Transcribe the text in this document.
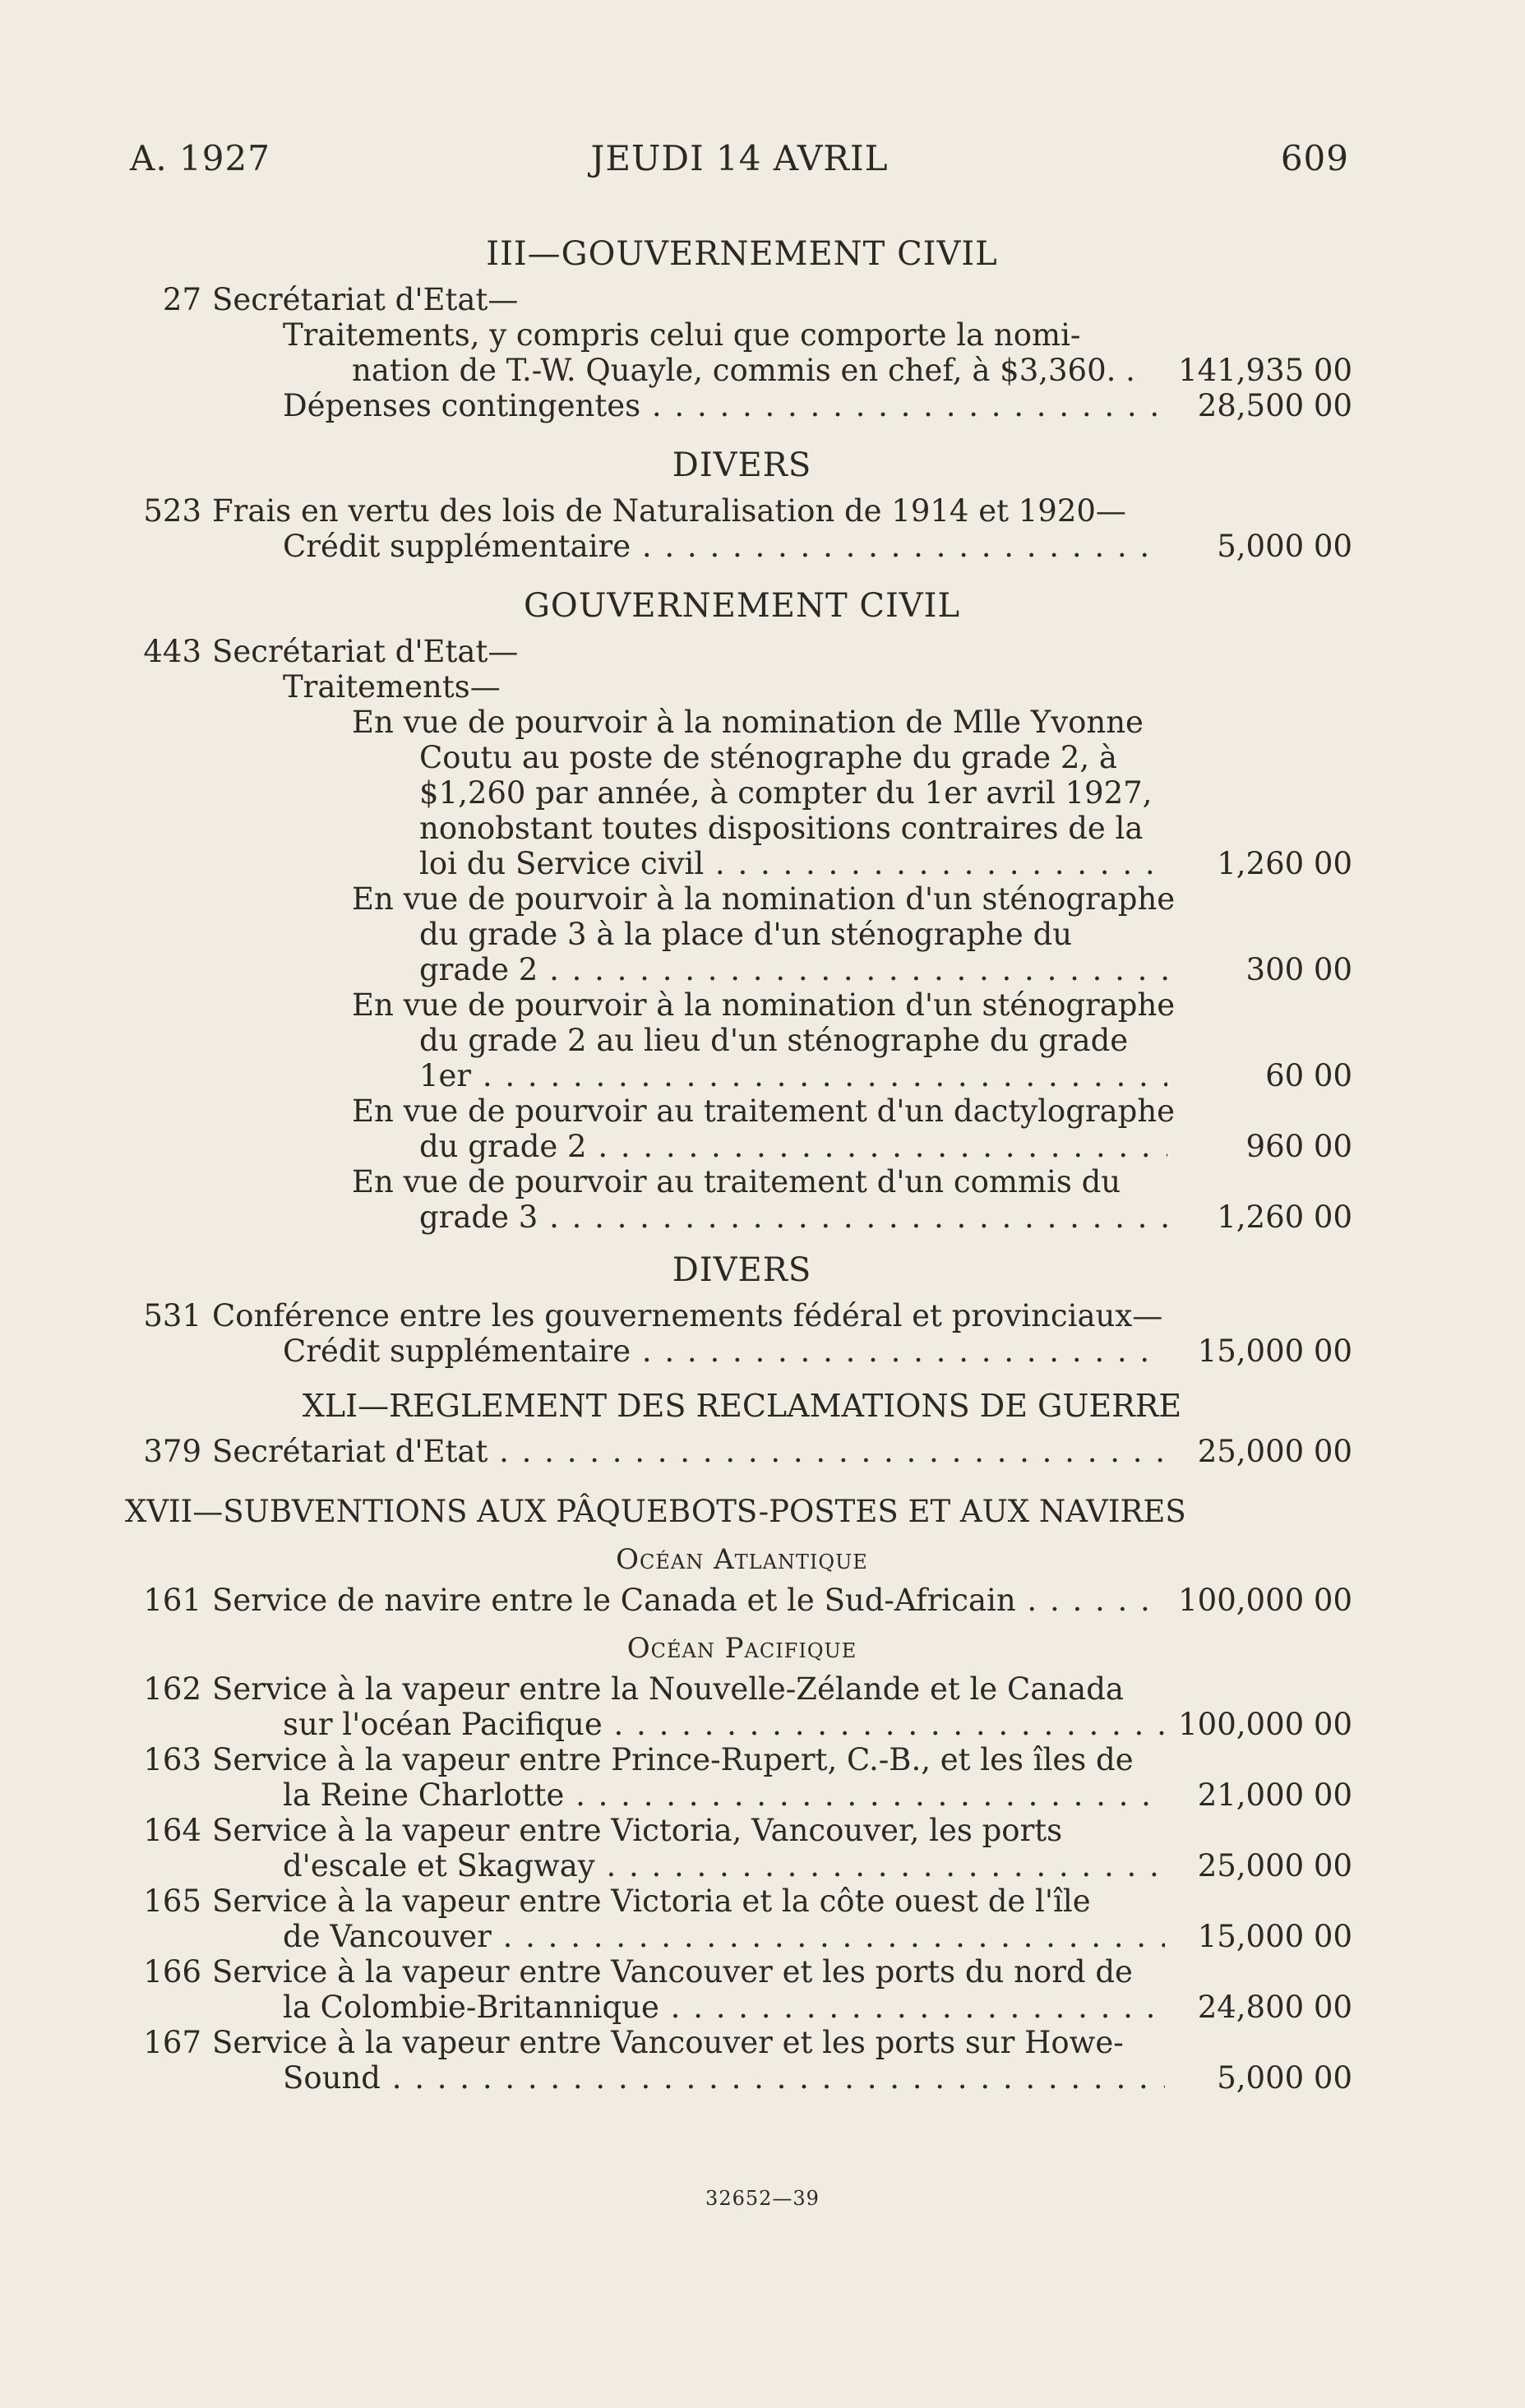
A. 1927	JEUDI 14 AVRIL	609
III—GOUVERNEMENT CIVIL
27 Secrétariat d'Etat—
Traitements, y compris celui que comporte la nomi-
nation de T.-W. Quayle, commis en chef, à $3,360. .	141,935 00
Dépenses contingentes . . .	28,500 00
DIVERS
523 Frais en vertu des lois de Naturalisation de 1914 et 1920—
Crédit supplémentaire . . .	5,000 00
GOUVERNEMENT CIVIL
443 Secrétariat d'Etat—
Traitements—
En vue de pourvoir à la nomination de Mlle Yvonne
Coutu au poste de sténographe du grade 2, à
$1,260 par année, à compter du 1er avril 1927,
nonobstant toutes dispositions contraires de la
loi du Service civil . . .	1,260 00
En vue de pourvoir à la nomination d'un sténographe
du grade 3 à la place d'un sténographe du
grade 2 . . .	300 00
En vue de pourvoir à la nomination d'un sténographe
du grade 2 au lieu d'un sténographe du grade
1er . . .	60 00
En vue de pourvoir au traitement d'un dactylographe
du grade 2 . . .	960 00
En vue de pourvoir au traitement d'un commis du
grade 3 . . .	1,260 00
DIVERS
531 Conférence entre les gouvernements fédéral et provinciaux—
Crédit supplémentaire . . .	15,000 00
XLI—REGLEMENT DES RECLAMATIONS DE GUERRE
379 Secrétariat d'Etat . . .	25,000 00
XVII—SUBVENTIONS AUX PÂQUEBOTS-POSTES ET AUX NAVIRES
Océan Atlantique
161 Service de navire entre le Canada et le Sud-Africain . . .	100,000 00
Océan Pacifique
162 Service à la vapeur entre la Nouvelle-Zélande et le Canada
sur l'océan Pacifique . . .	100,000 00
163 Service à la vapeur entre Prince-Rupert, C.-B., et les îles de
la Reine Charlotte . . .	21,000 00
164 Service à la vapeur entre Victoria, Vancouver, les ports
d'escale et Skagway . . .	25,000 00
165 Service à la vapeur entre Victoria et la côte ouest de l'île
de Vancouver . . .	15,000 00
166 Service à la vapeur entre Vancouver et les ports du nord de
la Colombie-Britannique . . .	24,800 00
167 Service à la vapeur entre Vancouver et les ports sur Howe-
Sound . . .	5,000 00
32652—39
